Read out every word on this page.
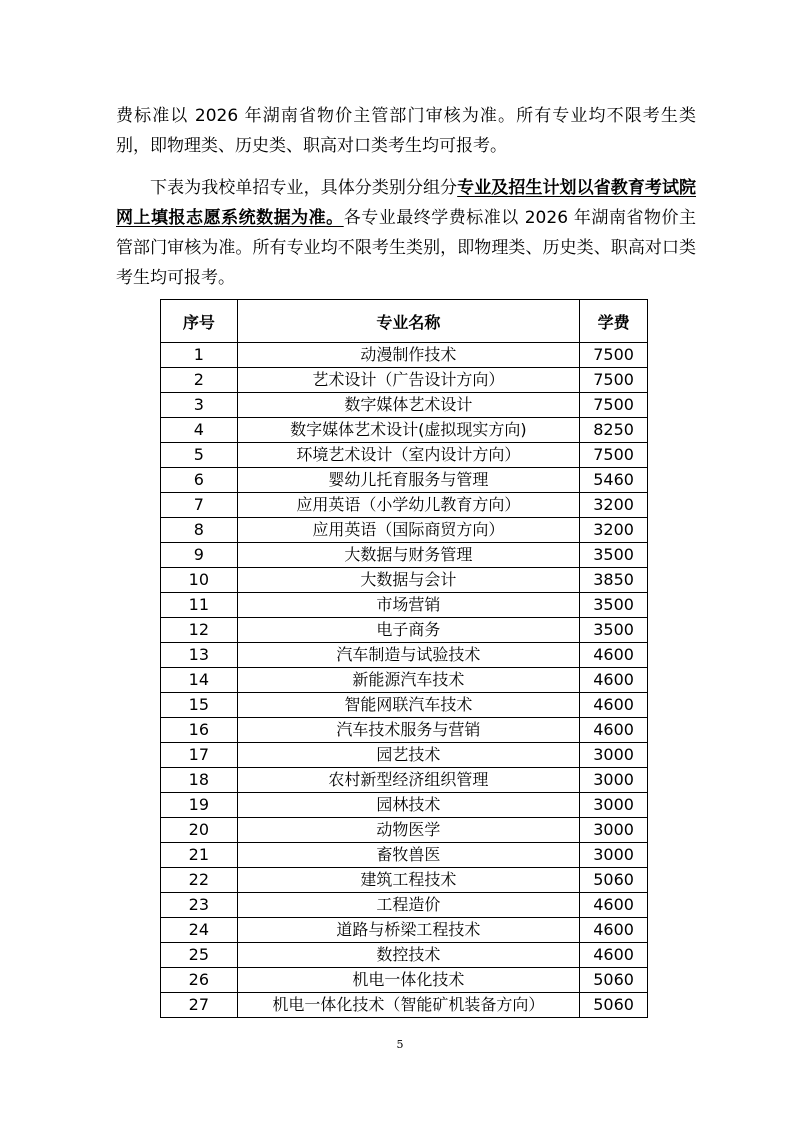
费标准以 2026 年湖南省物价主管部门审核为准。所有专业均不限考生类别，即物理类、历史类、职高对口类考生均可报考。

下表为我校单招专业，具体分类别分组分专业及招生计划以省教育考试院网上填报志愿系统数据为准。各专业最终学费标准以 2026 年湖南省物价主管部门审核为准。所有专业均不限考生类别，即物理类、历史类、职高对口类考生均可报考。

序号	专业名称	学费
1	动漫制作技术	7500
2	艺术设计（广告设计方向）	7500
3	数字媒体艺术设计	7500
4	数字媒体艺术设计(虚拟现实方向)	8250
5	环境艺术设计（室内设计方向）	7500
6	婴幼儿托育服务与管理	5460
7	应用英语（小学幼儿教育方向）	3200
8	应用英语（国际商贸方向）	3200
9	大数据与财务管理	3500
10	大数据与会计	3850
11	市场营销	3500
12	电子商务	3500
13	汽车制造与试验技术	4600
14	新能源汽车技术	4600
15	智能网联汽车技术	4600
16	汽车技术服务与营销	4600
17	园艺技术	3000
18	农村新型经济组织管理	3000
19	园林技术	3000
20	动物医学	3000
21	畜牧兽医	3000
22	建筑工程技术	5060
23	工程造价	4600
24	道路与桥梁工程技术	4600
25	数控技术	4600
26	机电一体化技术	5060
27	机电一体化技术（智能矿机装备方向）	5060
5
